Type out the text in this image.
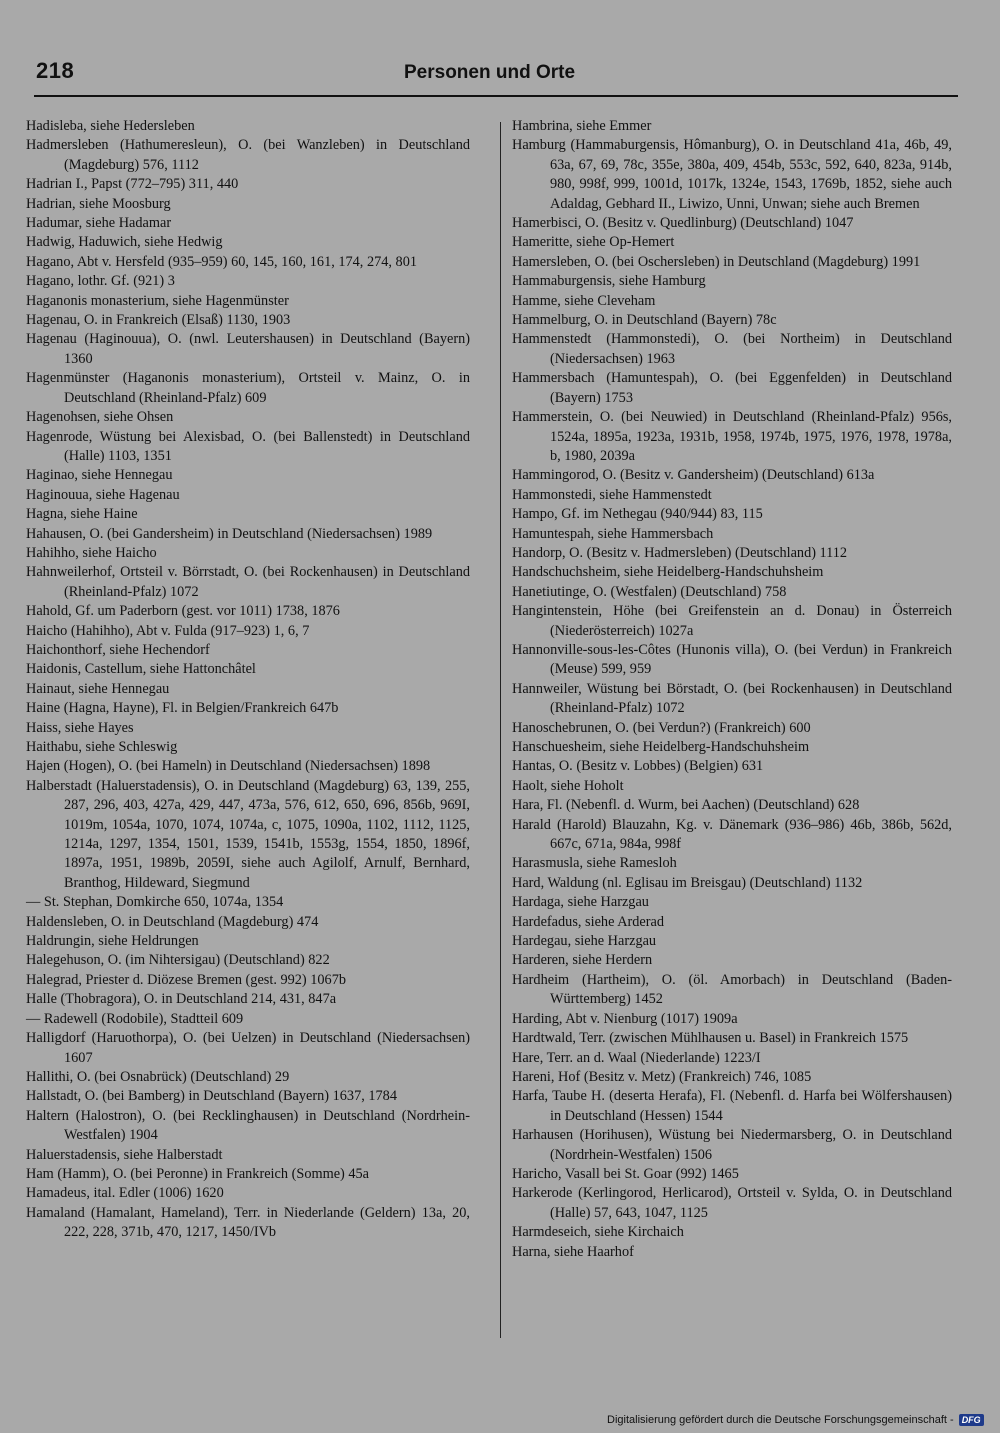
218	Personen und Orte
Hadisleba, siehe Hedersleben
Hadmersleben (Hathumeresleun), O. (bei Wanzleben) in Deutschland (Magdeburg) 576, 1112
Hadrian I., Papst (772–795) 311, 440
Hadrian, siehe Moosburg
Hadumar, siehe Hadamar
Hadwig, Haduwich, siehe Hedwig
Hagano, Abt v. Hersfeld (935–959) 60, 145, 160, 161, 174, 274, 801
Hagano, lothr. Gf. (921) 3
Haganonis monasterium, siehe Hagenmünster
Hagenau, O. in Frankreich (Elsaß) 1130, 1903
Hagenau (Haginouua), O. (nwl. Leutershausen) in Deutschland (Bayern) 1360
Hagenmünster (Haganonis monasterium), Ortsteil v. Mainz, O. in Deutschland (Rheinland-Pfalz) 609
Hagenohsen, siehe Ohsen
Hagenrode, Wüstung bei Alexisbad, O. (bei Ballenstedt) in Deutschland (Halle) 1103, 1351
Haginao, siehe Hennegau
Haginouua, siehe Hagenau
Hagna, siehe Haine
Hahausen, O. (bei Gandersheim) in Deutschland (Niedersachsen) 1989
Hahihho, siehe Haicho
Hahnweilerhof, Ortsteil v. Börrstadt, O. (bei Rockenhausen) in Deutschland (Rheinland-Pfalz) 1072
Hahold, Gf. um Paderborn (gest. vor 1011) 1738, 1876
Haicho (Hahihho), Abt v. Fulda (917–923) 1, 6, 7
Haichonthorf, siehe Hechendorf
Haidonis, Castellum, siehe Hattonchâtel
Hainaut, siehe Hennegau
Haine (Hagna, Hayne), Fl. in Belgien/Frankreich 647b
Haiss, siehe Hayes
Haithabu, siehe Schleswig
Hajen (Hogen), O. (bei Hameln) in Deutschland (Niedersachsen) 1898
Halberstadt (Haluerstadensis), O. in Deutschland (Magdeburg) 63, 139, 255, 287, 296, 403, 427a, 429, 447, 473a, 576, 612, 650, 696, 856b, 969I, 1019m, 1054a, 1070, 1074, 1074a, c, 1075, 1090a, 1102, 1112, 1125, 1214a, 1297, 1354, 1501, 1539, 1541b, 1553g, 1554, 1850, 1896f, 1897a, 1951, 1989b, 2059I, siehe auch Agilolf, Arnulf, Bernhard, Branthog, Hildeward, Siegmund
— St. Stephan, Domkirche 650, 1074a, 1354
Haldensleben, O. in Deutschland (Magdeburg) 474
Haldrungin, siehe Heldrungen
Halegehuson, O. (im Nihtersigau) (Deutschland) 822
Halegrad, Priester d. Diözese Bremen (gest. 992) 1067b
Halle (Thobragora), O. in Deutschland 214, 431, 847a
— Radewell (Rodobile), Stadtteil 609
Halligdorf (Haruothorpa), O. (bei Uelzen) in Deutschland (Niedersachsen) 1607
Hallithi, O. (bei Osnabrück) (Deutschland) 29
Hallstadt, O. (bei Bamberg) in Deutschland (Bayern) 1637, 1784
Haltern (Halostron), O. (bei Recklinghausen) in Deutschland (Nordrhein-Westfalen) 1904
Haluerstadensis, siehe Halberstadt
Ham (Hamm), O. (bei Peronne) in Frankreich (Somme) 45a
Hamadeus, ital. Edler (1006) 1620
Hamaland (Hamalant, Hameland), Terr. in Niederlande (Geldern) 13a, 20, 222, 228, 371b, 470, 1217, 1450/IVb
Hambrina, siehe Emmer
Hamburg (Hammaburgensis, Hômanburg), O. in Deutschland 41a, 46b, 49, 63a, 67, 69, 78c, 355e, 380a, 409, 454b, 553c, 592, 640, 823a, 914b, 980, 998f, 999, 1001d, 1017k, 1324e, 1543, 1769b, 1852, siehe auch Adaldag, Gebhard II., Liwizo, Unni, Unwan; siehe auch Bremen
Hamerbisci, O. (Besitz v. Quedlinburg) (Deutschland) 1047
Hameritte, siehe Op-Hemert
Hamersleben, O. (bei Oschersleben) in Deutschland (Magdeburg) 1991
Hammaburgensis, siehe Hamburg
Hamme, siehe Cleveham
Hammelburg, O. in Deutschland (Bayern) 78c
Hammenstedt (Hammonstedi), O. (bei Northeim) in Deutschland (Niedersachsen) 1963
Hammersbach (Hamuntespah), O. (bei Eggenfelden) in Deutschland (Bayern) 1753
Hammerstein, O. (bei Neuwied) in Deutschland (Rheinland-Pfalz) 956s, 1524a, 1895a, 1923a, 1931b, 1958, 1974b, 1975, 1976, 1978, 1978a, b, 1980, 2039a
Hammingorod, O. (Besitz v. Gandersheim) (Deutschland) 613a
Hammonstedi, siehe Hammenstedt
Hampo, Gf. im Nethegau (940/944) 83, 115
Hamuntespah, siehe Hammersbach
Handorp, O. (Besitz v. Hadmersleben) (Deutschland) 1112
Handschuchsheim, siehe Heidelberg-Handschuhsheim
Hanetiutinge, O. (Westfalen) (Deutschland) 758
Hangintenstein, Höhe (bei Greifenstein an d. Donau) in Österreich (Niederösterreich) 1027a
Hannonville-sous-les-Côtes (Hunonis villa), O. (bei Verdun) in Frankreich (Meuse) 599, 959
Hannweiler, Wüstung bei Börstadt, O. (bei Rockenhausen) in Deutschland (Rheinland-Pfalz) 1072
Hanoschebrunen, O. (bei Verdun?) (Frankreich) 600
Hanschuesheim, siehe Heidelberg-Handschuhsheim
Hantas, O. (Besitz v. Lobbes) (Belgien) 631
Haolt, siehe Hoholt
Hara, Fl. (Nebenfl. d. Wurm, bei Aachen) (Deutschland) 628
Harald (Harold) Blauzahn, Kg. v. Dänemark (936–986) 46b, 386b, 562d, 667c, 671a, 984a, 998f
Harasmusla, siehe Ramesloh
Hard, Waldung (nl. Eglisau im Breisgau) (Deutschland) 1132
Hardaga, siehe Harzgau
Hardefadus, siehe Arderad
Hardegau, siehe Harzgau
Harderen, siehe Herdern
Hardheim (Hartheim), O. (öl. Amorbach) in Deutschland (Baden-Württemberg) 1452
Harding, Abt v. Nienburg (1017) 1909a
Hardtwald, Terr. (zwischen Mühlhausen u. Basel) in Frankreich 1575
Hare, Terr. an d. Waal (Niederlande) 1223/I
Hareni, Hof (Besitz v. Metz) (Frankreich) 746, 1085
Harfa, Taube H. (deserta Herafa), Fl. (Nebenfl. d. Harfa bei Wölfershausen) in Deutschland (Hessen) 1544
Harhausen (Horihusen), Wüstung bei Niedermarsberg, O. in Deutschland (Nordrhein-Westfalen) 1506
Haricho, Vasall bei St. Goar (992) 1465
Harkerode (Kerlingorod, Herlicarod), Ortsteil v. Sylda, O. in Deutschland (Halle) 57, 643, 1047, 1125
Harmdeseich, siehe Kirchaich
Harna, siehe Haarhof
Digitalisierung gefördert durch die Deutsche Forschungsgemeinschaft - DFG
